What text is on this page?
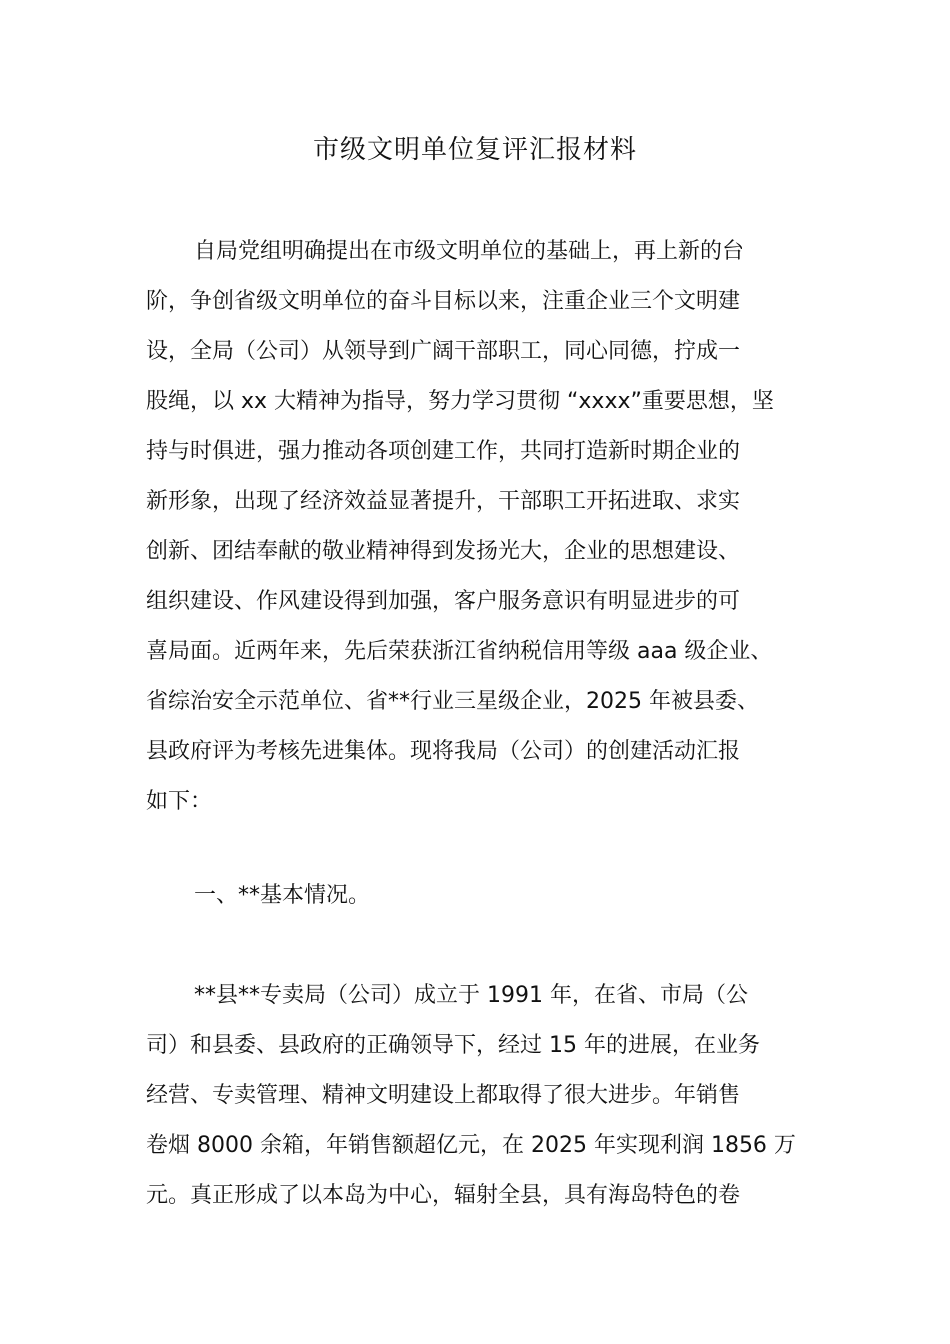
市级文明单位复评汇报材料
自局党组明确提出在市级文明单位的基础上，再上新的台
阶，争创省级文明单位的奋斗目标以来，注重企业三个文明建
设，全局（公司）从领导到广阔干部职工，同心同德，拧成一
股绳，以 xx 大精神为指导，努力学习贯彻 “xxxx”重要思想，坚
持与时俱进，强力推动各项创建工作，共同打造新时期企业的
新形象，出现了经济效益显著提升，干部职工开拓进取、求实
创新、团结奉献的敬业精神得到发扬光大，企业的思想建设、
组织建设、作风建设得到加强，客户服务意识有明显进步的可
喜局面。近两年来，先后荣获浙江省纳税信用等级 aaa 级企业、
省综治安全示范单位、省**行业三星级企业，2025 年被县委、
县政府评为考核先进集体。现将我局（公司）的创建活动汇报
如下：
一、**基本情况。
**县**专卖局（公司）成立于 1991 年，在省、市局（公
司）和县委、县政府的正确领导下，经过 15 年的进展，在业务
经营、专卖管理、精神文明建设上都取得了很大进步。年销售
卷烟 8000 余箱，年销售额超亿元，在 2025 年实现利润 1856 万
元。真正形成了以本岛为中心，辐射全县，具有海岛特色的卷
